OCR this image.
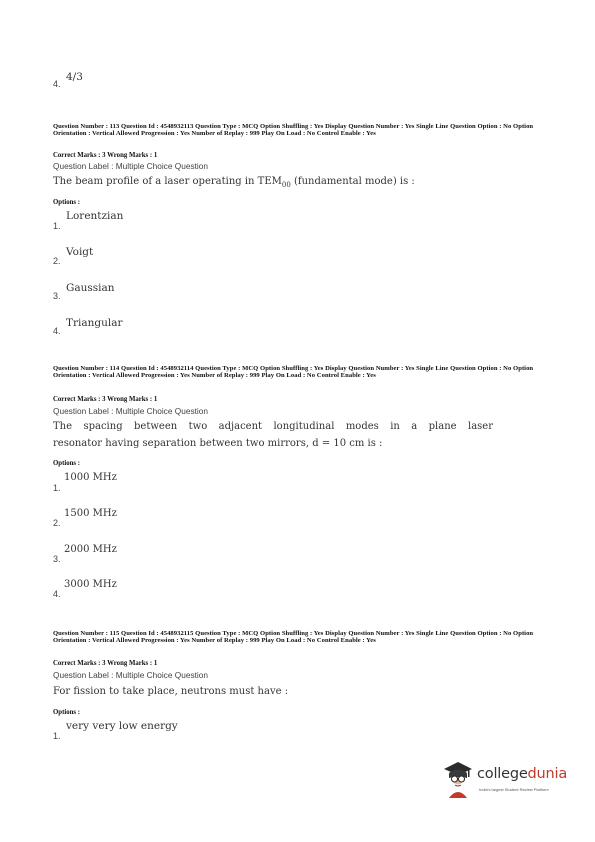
4.
4/3
Question Number : 113 Question Id : 4548932113 Question Type : MCQ Option Shuffling : Yes Display Question Number : Yes Single Line Question Option : No Option Orientation : Vertical Allowed Progression : Yes Number of Replay : 999 Play On Load : No Control Enable : Yes
Correct Marks : 3 Wrong Marks : 1
Question Label : Multiple Choice Question
The beam profile of a laser operating in $TEM_{00}$ (fundamental mode) is :
Options :
1.
Lorentzian
2.
Voigt
3.
Gaussian
4.
Triangular
Question Number : 114 Question Id : 4548932114 Question Type : MCQ Option Shuffling : Yes Display Question Number : Yes Single Line Question Option : No Option Orientation : Vertical Allowed Progression : Yes Number of Replay : 999 Play On Load : No Control Enable : Yes
Correct Marks : 3 Wrong Marks : 1
Question Label : Multiple Choice Question
The spacing between two adjacent longitudinal modes in a plane laser
resonator having separation between two mirrors, d = 10 cm is :
Options :
1.
1000 MHz
2.
1500 MHz
3.
2000 MHz
4.
3000 MHz
Question Number : 115 Question Id : 4548932115 Question Type : MCQ Option Shuffling : Yes Display Question Number : Yes Single Line Question Option : No Option Orientation : Vertical Allowed Progression : Yes Number of Replay : 999 Play On Load : No Control Enable : Yes
Correct Marks : 3 Wrong Marks : 1
Question Label : Multiple Choice Question
For fission to take place, neutrons must have :
Options :
1.
very very low energy
collegedunia
India's largest Student Review Platform
